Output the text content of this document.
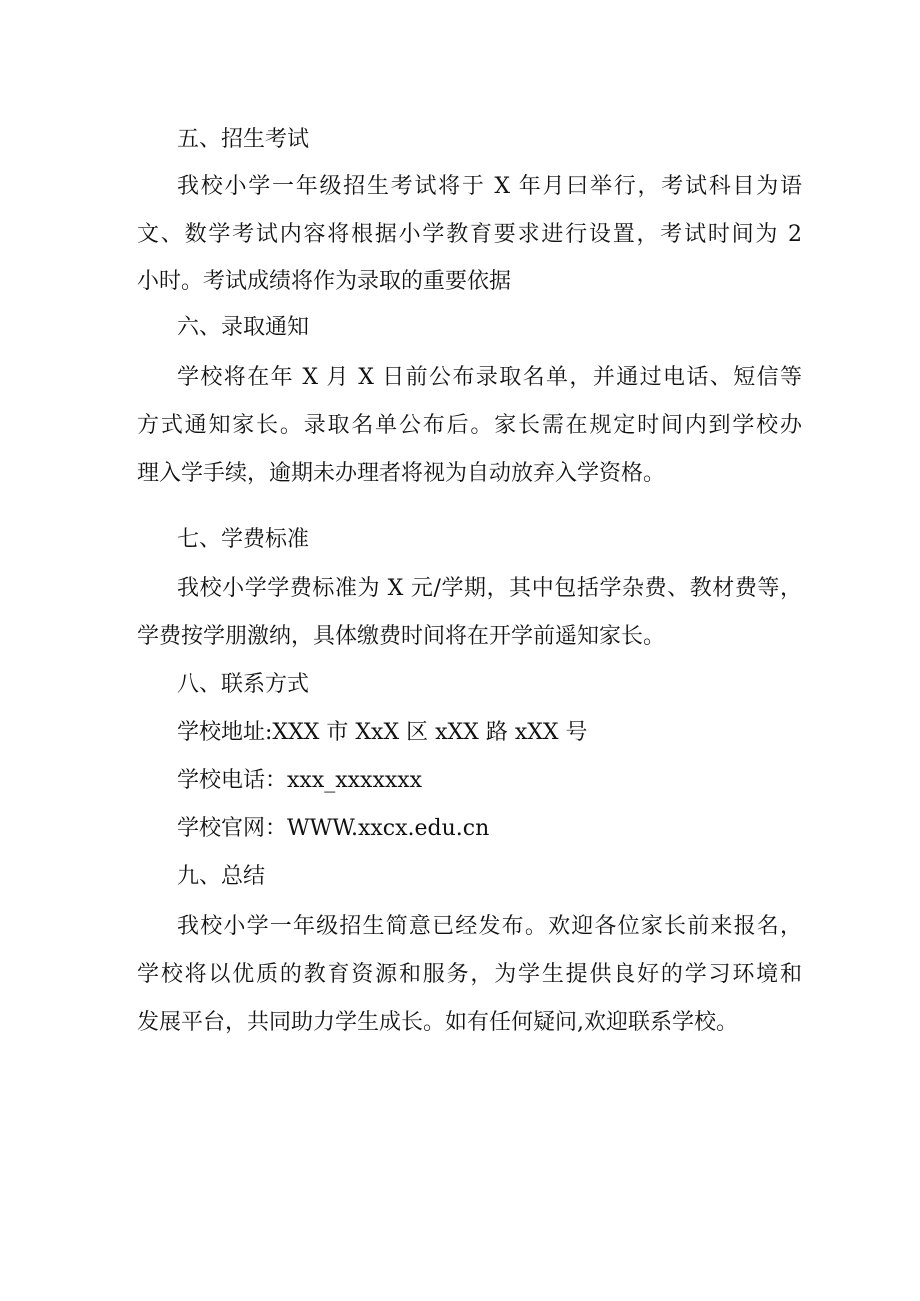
五、招生考试
我校小学一年级招生考试将于 X 年月曰举行，考试科目为语
文、数学考试内容将根据小学教育要求进行设置，考试时间为 2
小时。考试成绩将作为录取的重要依据
六、录取通知
学校将在年 X 月 X 日前公布录取名单，并通过电话、短信等
方式通知家长。录取名单公布后。家长需在规定时间内到学校办
理入学手续，逾期未办理者将视为自动放弃入学资格。
七、学费标准
我校小学学费标准为 X 元/学期，其中包括学杂费、教材费等，
学费按学朋激纳，具体缴费时间将在开学前遥知家长。
八、联系方式
学校地址:XXX 市 XxX 区 xXX 路 xXX 号
学校电话：xxx_xxxxxxx
学校官网：WWW.xxcx.edu.cn
九、总结
我校小学一年级招生简意已经发布。欢迎各位家长前来报名，
学校将以优质的教育资源和服务，为学生提供良好的学习环境和
发展平台，共同助力学生成长。如有任何疑问,欢迎联系学校。
